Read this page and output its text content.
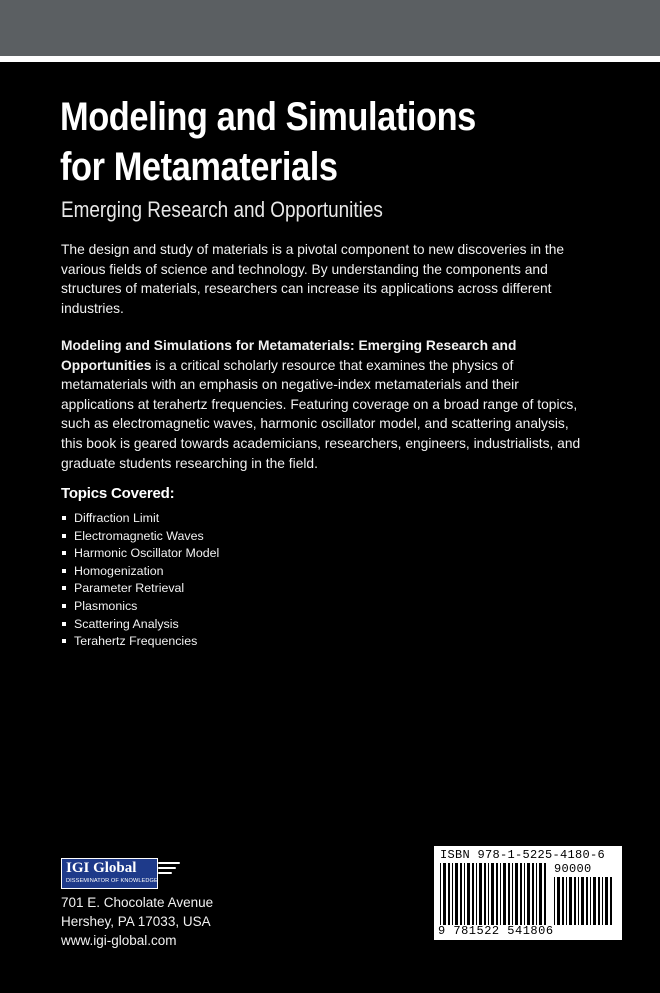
Modeling and Simulations
for Metamaterials
Emerging Research and Opportunities
The design and study of materials is a pivotal component to new discoveries in the various fields of science and technology. By understanding the components and structures of materials, researchers can increase its applications across different industries.
Modeling and Simulations for Metamaterials: Emerging Research and Opportunities is a critical scholarly resource that examines the physics of metamaterials with an emphasis on negative-index metamaterials and their applications at terahertz frequencies. Featuring coverage on a broad range of topics, such as electromagnetic waves, harmonic oscillator model, and scattering analysis, this book is geared towards academicians, researchers, engineers, industrialists, and graduate students researching in the field.
Topics Covered:
Diffraction Limit
Electromagnetic Waves
Harmonic Oscillator Model
Homogenization
Parameter Retrieval
Plasmonics
Scattering Analysis
Terahertz Frequencies
IGI Global
DISSEMINATOR OF KNOWLEDGE
701 E. Chocolate Avenue
Hershey, PA 17033, USA
www.igi-global.com
ISBN 978-1-5225-4180-6
90000
9 781522 541806
